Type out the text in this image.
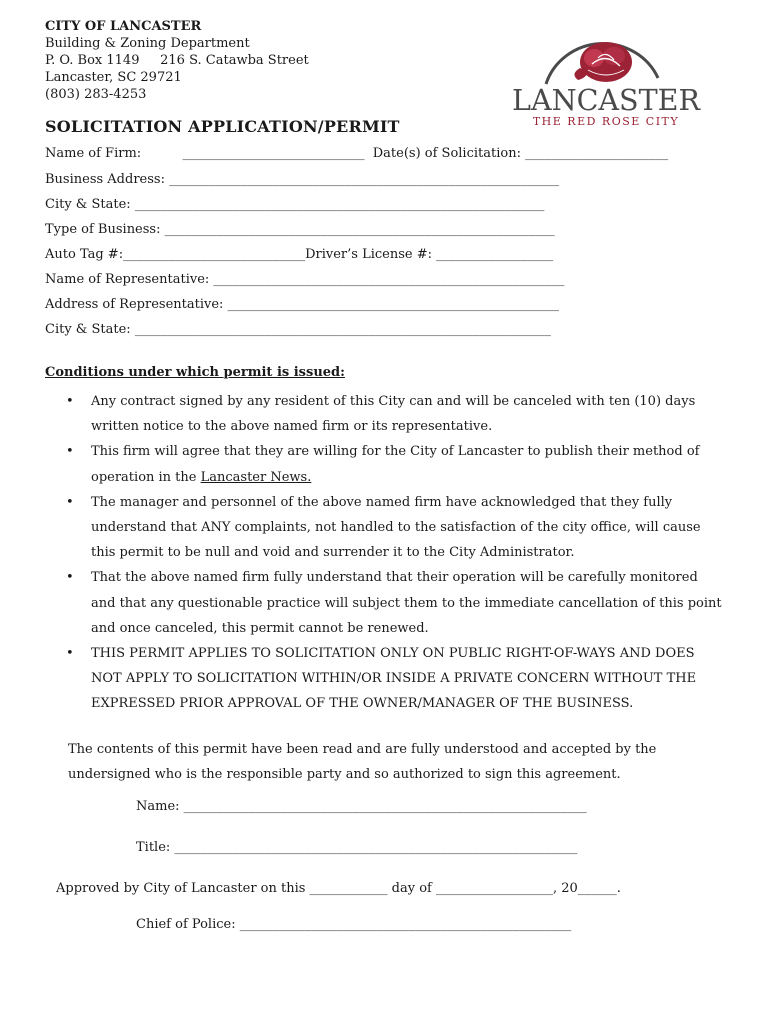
CITY OF LANCASTER
Building & Zoning Department
P. O. Box 1149     216 S. Catawba Street
Lancaster, SC 29721
(803) 283-4253	LANCASTER
THE RED ROSE CITY
SOLICITATION APPLICATION/PERMIT
Name of Firm:          ____________________________  Date(s) of Solicitation: ______________________
Business Address: ____________________________________________________________
City & State: _______________________________________________________________
Type of Business: ____________________________________________________________
Auto Tag #:____________________________Driver’s License #: __________________
Name of Representative: ______________________________________________________
Address of Representative: ___________________________________________________
City & State: ________________________________________________________________
Conditions under which permit is issued:
• Any contract signed by any resident of this City can and will be canceled with ten (10) days written notice to the above named firm or its representative.
• This firm will agree that they are willing for the City of Lancaster to publish their method of operation in the Lancaster News.
• The manager and personnel of the above named firm have acknowledged that they fully understand that ANY complaints, not handled to the satisfaction of the city office, will cause this permit to be null and void and surrender it to the City Administrator.
• That the above named firm fully understand that their operation will be carefully monitored and that any questionable practice will subject them to the immediate cancellation of this point and once canceled, this permit cannot be renewed.
• THIS PERMIT APPLIES TO SOLICITATION ONLY ON PUBLIC RIGHT-OF-WAYS AND DOES NOT APPLY TO SOLICITATION WITHIN/OR INSIDE A PRIVATE CONCERN WITHOUT THE EXPRESSED PRIOR APPROVAL OF THE OWNER/MANAGER OF THE BUSINESS.
The contents of this permit have been read and are fully understood and accepted by the undersigned who is the responsible party and so authorized to sign this agreement.
Name: ______________________________________________________________
Title: ______________________________________________________________
Approved by City of Lancaster on this ____________ day of __________________, 20______.
Chief of Police: ___________________________________________________
